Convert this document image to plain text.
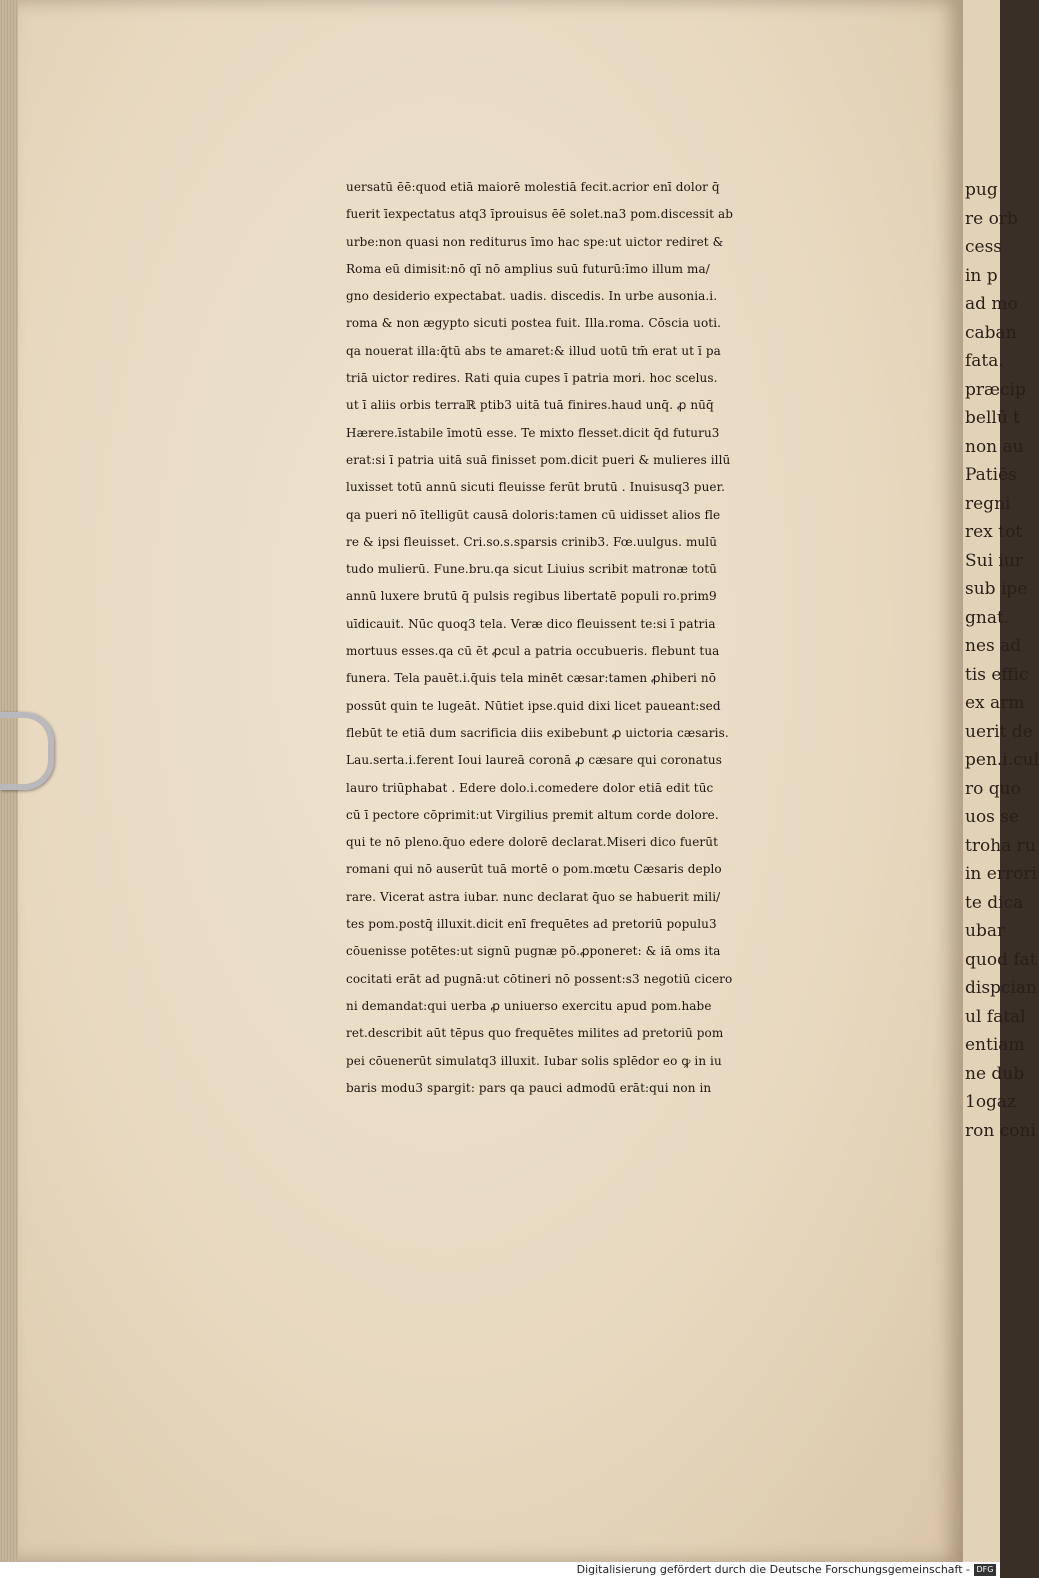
uersatū ēē:quod etiā maiorē molestiā fecit.acrior enī dolor q̄
fuerit īexpectatus atq3 īprouisus ēē solet.na3 pom.discessit ab
urbe:non quasi non rediturus īmo hac spe:ut uictor rediret &
Roma eū dimisit:nō qī nō amplius suū futurū:īmo illum ma/
gno desiderio expectabat. uadis. discedis. In urbe ausonia.i.
roma & non ægypto sicuti postea fuit. Illa.roma. Cōscia uoti.
qa nouerat illa:q̄tū abs te amaret:& illud uotū tm̄ erat ut ī pa
triā uictor redires. Rati quia cupes ī patria mori. hoc scelus.
ut ī aliis orbis terraℝ ptib3 uitā tuā finires.haud unq̄. ꝓ nūq̄
Hærere.īstabile īmotū esse. Te mixto flesset.dicit q̄d futuru3
erat:si ī patria uitā suā finisset pom.dicit pueri & mulieres illū
luxisset totū annū sicuti fleuisse ferūt brutū . Inuisusq3 puer.
qa pueri nō ītelligūt causā doloris:tamen cū uidisset alios fle
re & ipsi fleuisset. Cri.so.s.sparsis crinib3. Fœ.uulgus. mulū
tudo mulierū. Fune.bru.qa sicut Liuius scribit matronæ totū
annū luxere brutū q̄ pulsis regibus libertatē populi ro.prim9
uīdicauit. Nūc quoq3 tela. Veræ dico fleuissent te:si ī patria
mortuus esses.qa cū ēt ꝓcul a patria occubueris. flebunt tua
funera. Tela pauēt.i.q̄uis tela minēt cæsar:tamen ꝓhiberi nō
possūt quin te lugeāt. Nūtiet ipse.quid dixi licet paueant:sed
flebūt te etiā dum sacrificia diis exibebunt ꝓ uictoria cæsaris.
Lau.serta.i.ferent Ioui laureā coronā ꝓ cæsare qui coronatus
lauro triūphabat . Edere dolo.i.comedere dolor etiā edit tūc
cū ī pectore cōprimit:ut Virgilius premit altum corde dolore.
qui te nō pleno.q̄uo edere dolorē declarat.Miseri dico fuerūt
romani qui nō auserūt tuā mortē o pom.mœtu Cæsaris deplo
rare. Vicerat astra iubar. nunc declarat q̄uo se habuerit mili/
tes pom.postq̄ illuxit.dicit enī frequētes ad pretoriū populu3
cōuenisse potētes:ut signū pugnæ pō.ꝓponeret: & iā oms ita
cocitati erāt ad pugnā:ut cōtineri nō possent:s3 negotiū cicero
ni demandat:qui uerba ꝓ uniuerso exercitu apud pom.habe
ret.describit aūt tēpus quo frequētes milites ad pretoriū pom
pei cōuenerūt simulatq3 illuxit. Iubar solis splēdor eo ꝙ in iu
baris modu3 spargit: pars qa pauci admodū erāt:qui non in
pug
re orb
cess
in p
ad mo
caban
fata.
præcip
bellū t
non au
Patiēs
regni
rex tot
Sui iur
sub ipe
gnat.
nes ad
tis effic
ex arm
uerit de
pen.i.cul
ro quo
uos se
troha ru
in errori
te dica
ubar
quod fat
dispcian
ul fatal
entiam
ne dub
1ogaz
ron coni
Digitalisierung gefördert durch die Deutsche Forschungsgemeinschaft - DFG
